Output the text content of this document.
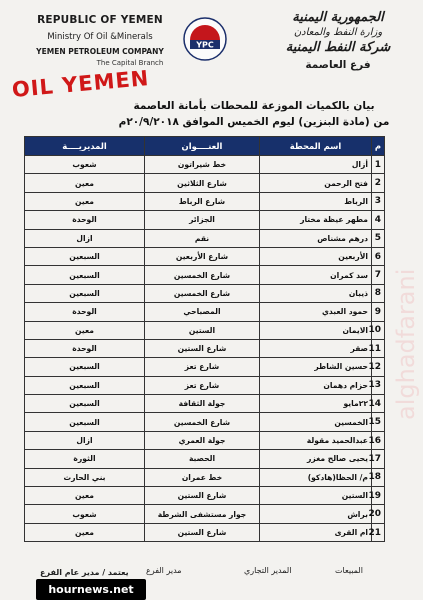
REPUBLIC OF YEMEN
Ministry Of Oil &Minerals
YEMEN PETROLEUM COMPANY
The Capital Branch
YPC
الجمهورية اليمنية
وزارة النفط والمعادن
شركة النفط اليمنية
فرع العاصمة
OIL YEMEN
بيان بالكميات الموزعة للمحطات بأمانة العاصمة
من (مادة البنزين) ليوم الخميس الموافق ٢٠/٩/٢٠١٨م
م	اسم المحطة	العنــــوان	المديريــــة
1	أزال	خط شيراتون	شعوب
2	فتح الرحمن	شارع الثلاثين	معين
3	الرباط	شارع الرباط	معين
4	مطهر عيظة مختار	الجزائر	الوحدة
5	درهم مشناص	نقم	ازال
6	الأربعين	شارع الأربعين	السبعين
7	سد كمران	شارع الخمسين	السبعين
8	ذيبان	شارع الخمسين	السبعين
9	حمود العبدي	المصباحي	الوحدة
10	الايمان	الستين	معين
11	صقر	شارع الستين	الوحدة
12	حسين الشاطر	شارع تعز	السبعين
13	حزام دهمان	شارع تعز	السبعين
14	٢٢مايو	جولة الثقافة	السبعين
15	الخمسين	شارع الخمسين	السبعين
16	عبدالحميد مقولة	جولة العمري	ازال
17	يحيى صالح مغزر	الحصبة	الثورة
18	م/ الحظا(هادكو)	خط عمران	بني الحارث
19	الستين	شارع الستين	معين
20	براش	جوار مستشفى الشرطة	شعوب
21	ام القرى	شارع الستين	معين
alghadfarani
المبيعات
المدير التجاري
مدير الفرع
يعتمد / مدير عام الفرع
hournews.net
